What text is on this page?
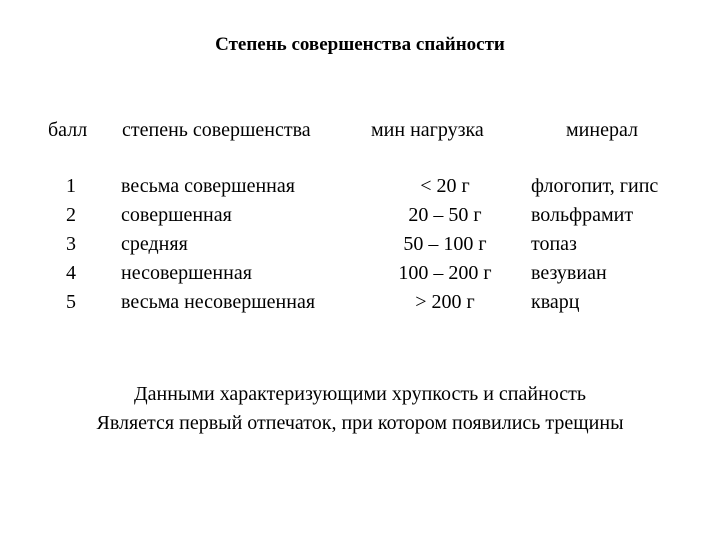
Степень совершенства спайности
балл степень совершенства	мин нагрузка	минерал
1
2
3
4
5
весьма совершенная
совершенная
средняя
несовершенная
весьма несовершенная
< 20 г
20 – 50 г
50 – 100 г
100 – 200 г
> 200 г
флогопит, гипс
вольфрамит
топаз
везувиан
кварц
Данными характеризующими хрупкость и спайность
Является первый отпечаток, при котором появились трещины
